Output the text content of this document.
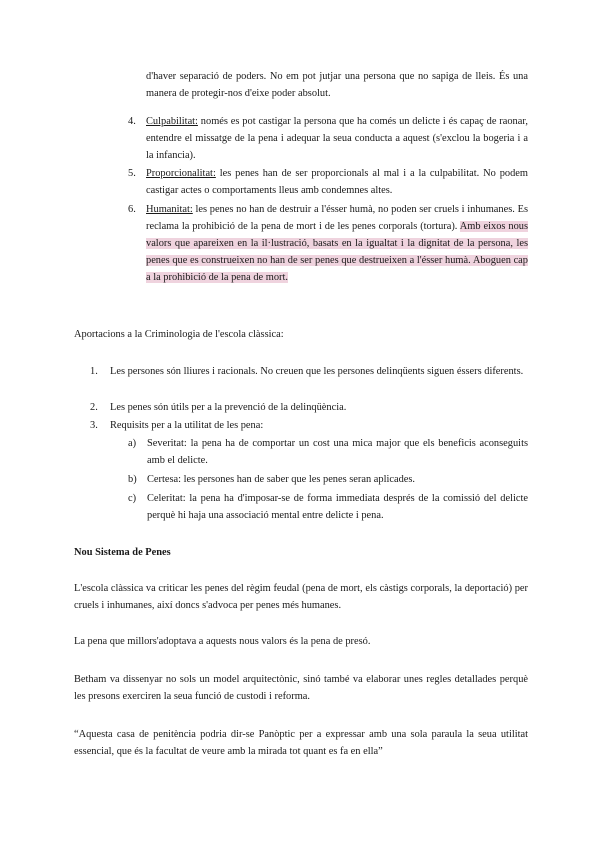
d'haver separació de poders. No em pot jutjar una persona que no sapiga de lleis. És una manera de protegir-nos d'eixe poder absolut.

4. Culpabilitat: només es pot castigar la persona que ha comés un delicte i és capaç de raonar, entendre el missatge de la pena i adequar la seua conducta a aquest (s'exclou la bogeria i a la infancia).

5. Proporcionalitat: les penes han de ser proporcionals al mal i a la culpabilitat. No podem castigar actes o comportaments lleus amb condemnes altes.

6. Humanitat: les penes no han de destruir a l'ésser humà, no poden ser cruels i inhumanes. Es reclama la prohibició de la pena de mort i de les penes corporals (tortura). Amb eixos nous valors que apareixen en la il·lustració, basats en la igualtat i la dignitat de la persona, les penes que es construeixen no han de ser penes que destrueixen a l'ésser humà. Aboguen cap a la prohibició de la pena de mort.

Aportacions a la Criminologia de l'escola clàssica:

1. Les persones són lliures i racionals. No creuen que les persones delinqüents siguen éssers diferents.

2. Les penes són útils per a la prevenció de la delinqüència.

3. Requisits per a la utilitat de les pena:

a) Severitat: la pena ha de comportar un cost una mica major que els beneficis aconseguits amb el delicte.

b) Certesa: les persones han de saber que les penes seran aplicades.

c) Celeritat: la pena ha d'imposar-se de forma immediata després de la comissió del delicte perquè hi haja una associació mental entre delicte i pena.

Nou Sistema de Penes

L'escola clàssica va criticar les penes del règim feudal (pena de mort, els càstigs corporals, la deportació) per cruels i inhumanes, així doncs s'advoca per penes més humanes.

La pena que millors'adoptava a aquests nous valors és la pena de presó.

Betham va dissenyar no sols un model arquitectònic, sinó també va elaborar unes regles detallades perquè les presons exerciren la seua funció de custodi i reforma.

“Aquesta casa de penitència podria dir-se Panòptic per a expressar amb una sola paraula la seua utilitat essencial, que és la facultat de veure amb la mirada tot quant es fa en ella”
